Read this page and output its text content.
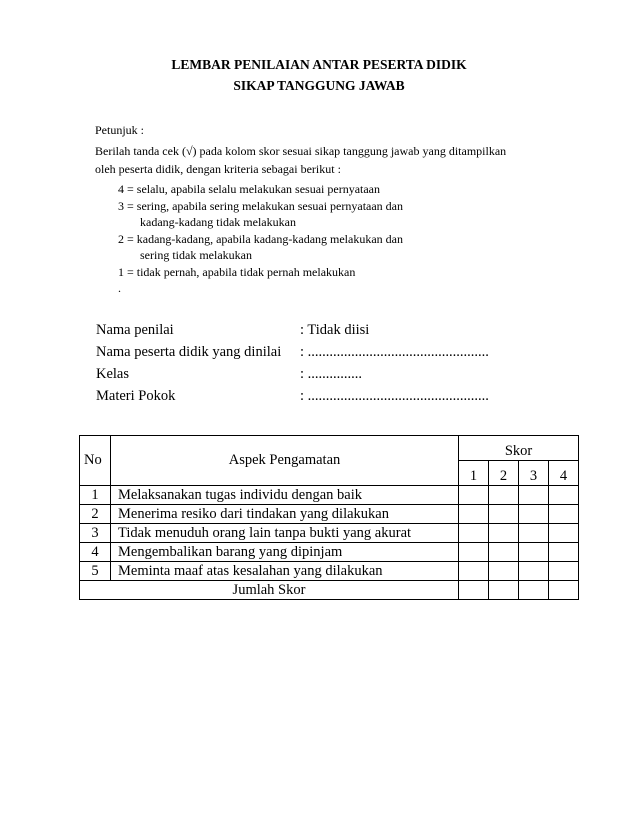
LEMBAR PENILAIAN ANTAR PESERTA DIDIK
SIKAP TANGGUNG JAWAB
Petunjuk :
Berilah tanda cek (√) pada kolom skor sesuai sikap tanggung jawab yang ditampilkan
oleh peserta didik, dengan kriteria sebagai berikut :
4 = selalu, apabila selalu melakukan sesuai pernyataan
3 = sering, apabila sering melakukan sesuai pernyataan dan
kadang-kadang tidak melakukan
2 = kadang-kadang, apabila kadang-kadang melakukan dan
sering tidak melakukan
1 = tidak pernah, apabila tidak pernah melakukan
.
Nama penilai	: Tidak diisi
Nama peserta didik yang dinilai	: ..................................................
Kelas	: ...............
Materi Pokok	: ..................................................
No	Aspek Pengamatan	Skor			
		1	2	3	4
1	Melaksanakan tugas individu dengan baik				
2	Menerima resiko dari tindakan yang dilakukan				
3	Tidak menuduh orang lain tanpa bukti yang akurat				
4	Mengembalikan barang yang dipinjam				
5	Meminta maaf atas kesalahan yang dilakukan				
Jumlah Skor					
